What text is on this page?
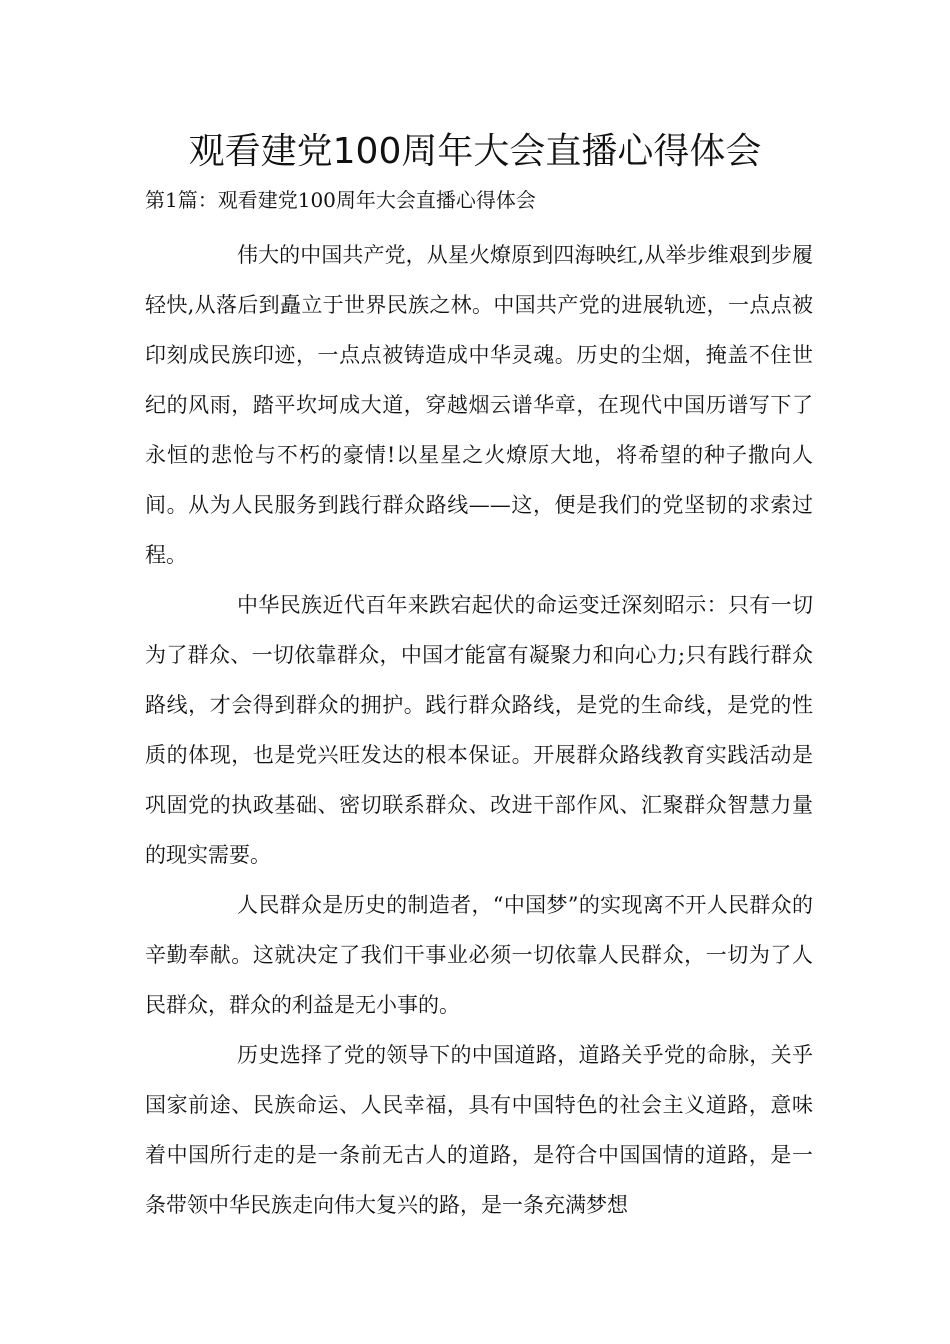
观看建党100周年大会直播心得体会

第1篇：观看建党100周年大会直播心得体会

伟大的中国共产党，从星火燎原到四海映红,从举步维艰到步履轻快,从落后到矗立于世界民族之林。中国共产党的进展轨迹，一点点被印刻成民族印迹，一点点被铸造成中华灵魂。历史的尘烟，掩盖不住世纪的风雨，踏平坎坷成大道，穿越烟云谱华章，在现代中国历谱写下了永恒的悲怆与不朽的豪情!以星星之火燎原大地，将希望的种子撒向人间。从为人民服务到践行群众路线——这，便是我们的党坚韧的求索过程。

中华民族近代百年来跌宕起伏的命运变迁深刻昭示：只有一切为了群众、一切依靠群众，中国才能富有凝聚力和向心力;只有践行群众路线，才会得到群众的拥护。践行群众路线，是党的生命线，是党的性质的体现，也是党兴旺发达的根本保证。开展群众路线教育实践活动是巩固党的执政基础、密切联系群众、改进干部作风、汇聚群众智慧力量的现实需要。

人民群众是历史的制造者，“中国梦”的实现离不开人民群众的辛勤奉献。这就决定了我们干事业必须一切依靠人民群众，一切为了人民群众，群众的利益是无小事的。

历史选择了党的领导下的中国道路，道路关乎党的命脉，关乎国家前途、民族命运、人民幸福，具有中国特色的社会主义道路，意味着中国所行走的是一条前无古人的道路，是符合中国国情的道路，是一条带领中华民族走向伟大复兴的路，是一条充满梦想
